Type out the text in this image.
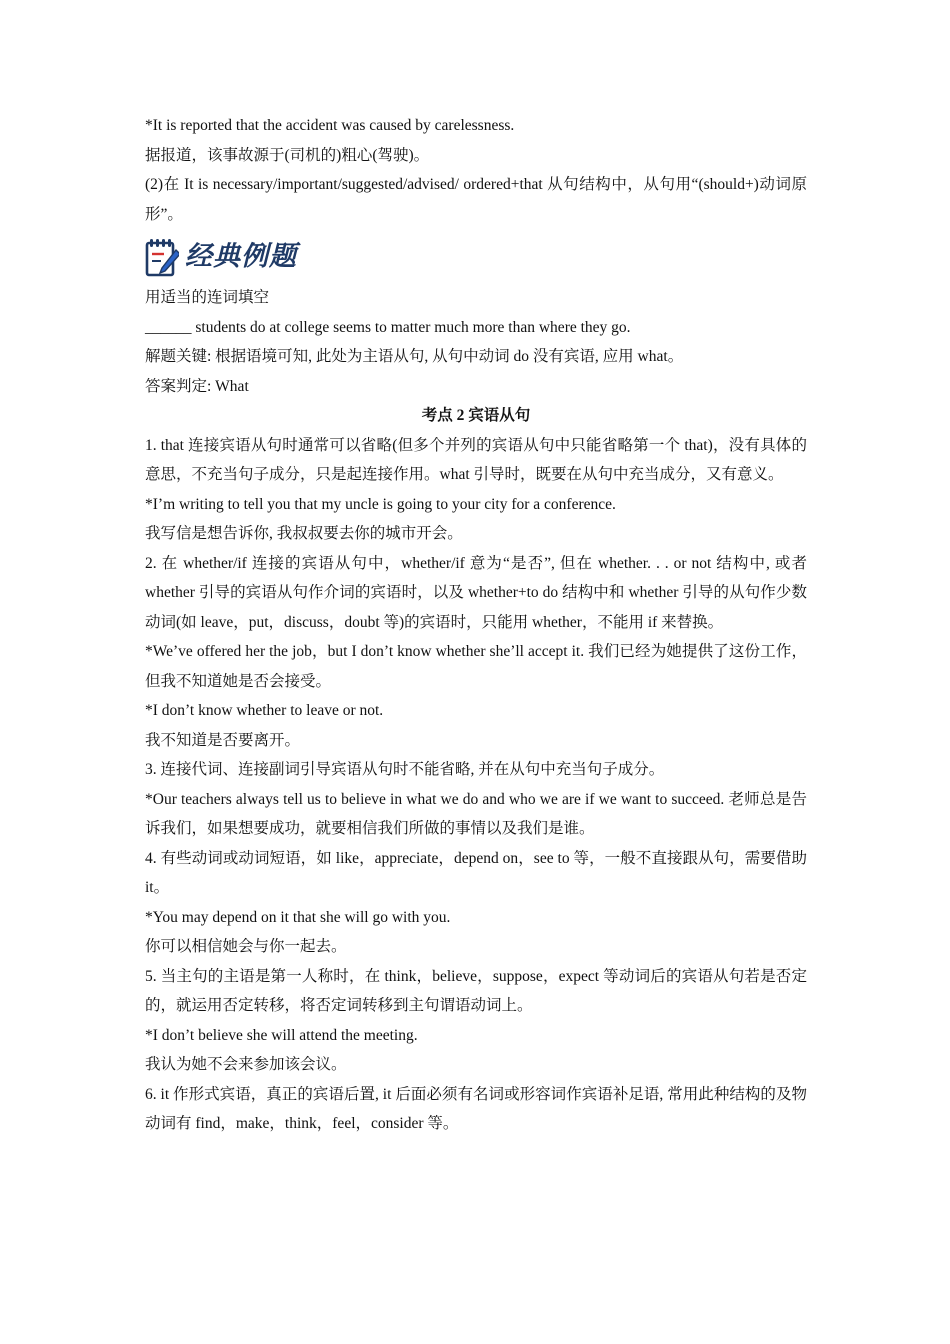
*It is reported that the accident was caused by carelessness.

据报道，该事故源于(司机的)粗心(驾驶)。

(2)在 It is necessary/important/suggested/advised/ ordered+that 从句结构中，从句用“(should+)动词原形”。

经典例题

用适当的连词填空

______ students do at college seems to matter much more than where they go.

解题关键: 根据语境可知, 此处为主语从句, 从句中动词 do 没有宾语, 应用 what。

答案判定: What

考点 2 宾语从句

1. that 连接宾语从句时通常可以省略(但多个并列的宾语从句中只能省略第一个 that)，没有具体的意思，不充当句子成分，只是起连接作用。what 引导时，既要在从句中充当成分，又有意义。

*I’m writing to tell you that my uncle is going to your city for a conference.

我写信是想告诉你, 我叔叔要去你的城市开会。

2. 在 whether/if 连接的宾语从句中，whether/if 意为“是否”, 但在 whether. . . or not 结构中, 或者 whether 引导的宾语从句作介词的宾语时，以及 whether+to do 结构中和 whether 引导的从句作少数动词(如 leave，put，discuss，doubt 等)的宾语时，只能用 whether，不能用 if 来替换。

*We’ve offered her the job，but I don’t know whether she’ll accept it. 我们已经为她提供了这份工作，但我不知道她是否会接受。

*I don’t know whether to leave or not.

我不知道是否要离开。

3. 连接代词、连接副词引导宾语从句时不能省略, 并在从句中充当句子成分。

*Our teachers always tell us to believe in what we do and who we are if we want to succeed. 老师总是告诉我们，如果想要成功，就要相信我们所做的事情以及我们是谁。

4. 有些动词或动词短语，如 like，appreciate，depend on，see to 等，一般不直接跟从句，需要借助 it。

*You may depend on it that she will go with you.

你可以相信她会与你一起去。

5. 当主句的主语是第一人称时，在 think，believe，suppose，expect 等动词后的宾语从句若是否定的，就运用否定转移，将否定词转移到主句谓语动词上。

*I don’t believe she will attend the meeting.

我认为她不会来参加该会议。

6. it 作形式宾语，真正的宾语后置, it 后面必须有名词或形容词作宾语补足语, 常用此种结构的及物动词有 find，make，think，feel，consider 等。
